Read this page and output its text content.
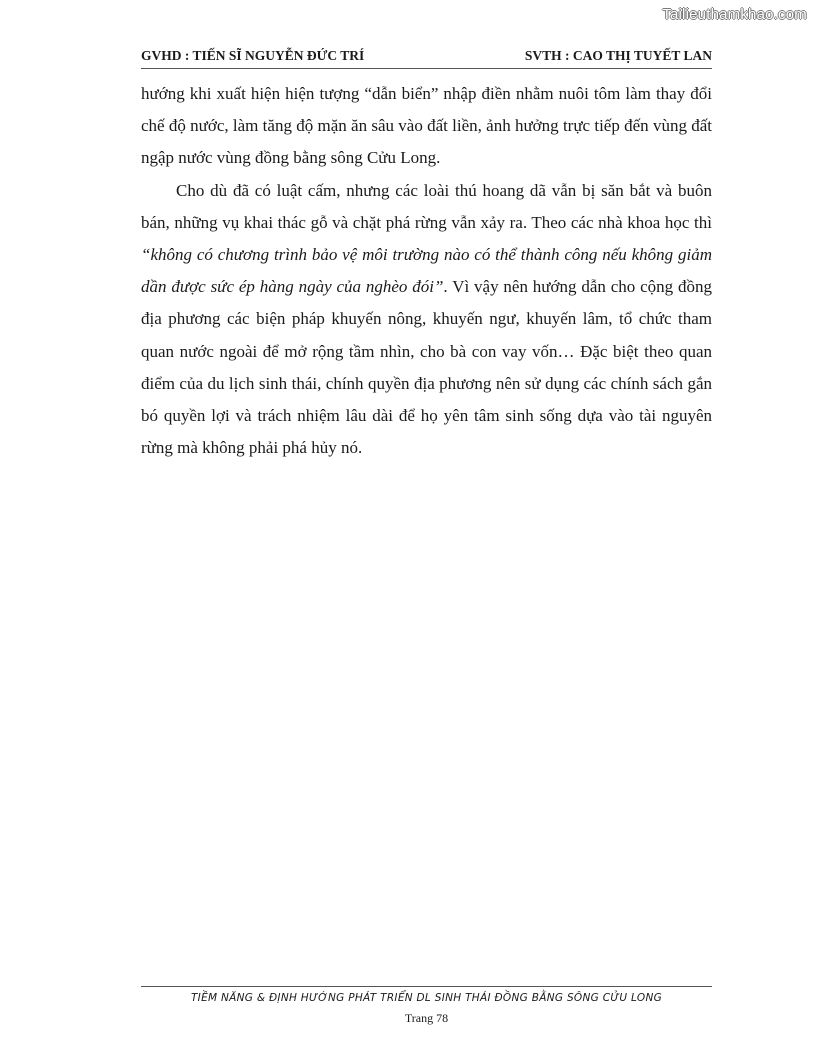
Tailieuthamkhao.com
GVHD : TIẾN SĨ NGUYỄN ĐỨC TRÍ	SVTH : CAO THỊ TUYẾT LAN

hướng khi xuất hiện hiện tượng “dẫn biển” nhập điền nhằm nuôi tôm làm thay đổi chế độ nước, làm tăng độ mặn ăn sâu vào đất liền, ảnh hưởng trực tiếp đến vùng đất ngập nước vùng đồng bằng sông Cửu Long.

Cho dù đã có luật cấm, nhưng các loài thú hoang dã vẫn bị săn bắt và buôn bán, những vụ khai thác gỗ và chặt phá rừng vẫn xảy ra. Theo các nhà khoa học thì “không có chương trình bảo vệ môi trường nào có thể thành công nếu không giảm dần được sức ép hàng ngày của nghèo đói”. Vì vậy nên hướng dẫn cho cộng đồng địa phương các biện pháp khuyến nông, khuyến ngư, khuyến lâm, tổ chức tham quan nước ngoài để mở rộng tầm nhìn, cho bà con vay vốn… Đặc biệt theo quan điểm của du lịch sinh thái, chính quyền địa phương nên sử dụng các chính sách gắn bó quyền lợi và trách nhiệm lâu dài để họ yên tâm sinh sống dựa vào tài nguyên rừng mà không phải phá hủy nó.

TIỀM NĂNG & ĐỊNH HƯỚNG PHÁT TRIỂN DL SINH THÁI ĐỒNG BẰNG SÔNG CỬU LONG
Trang 78
